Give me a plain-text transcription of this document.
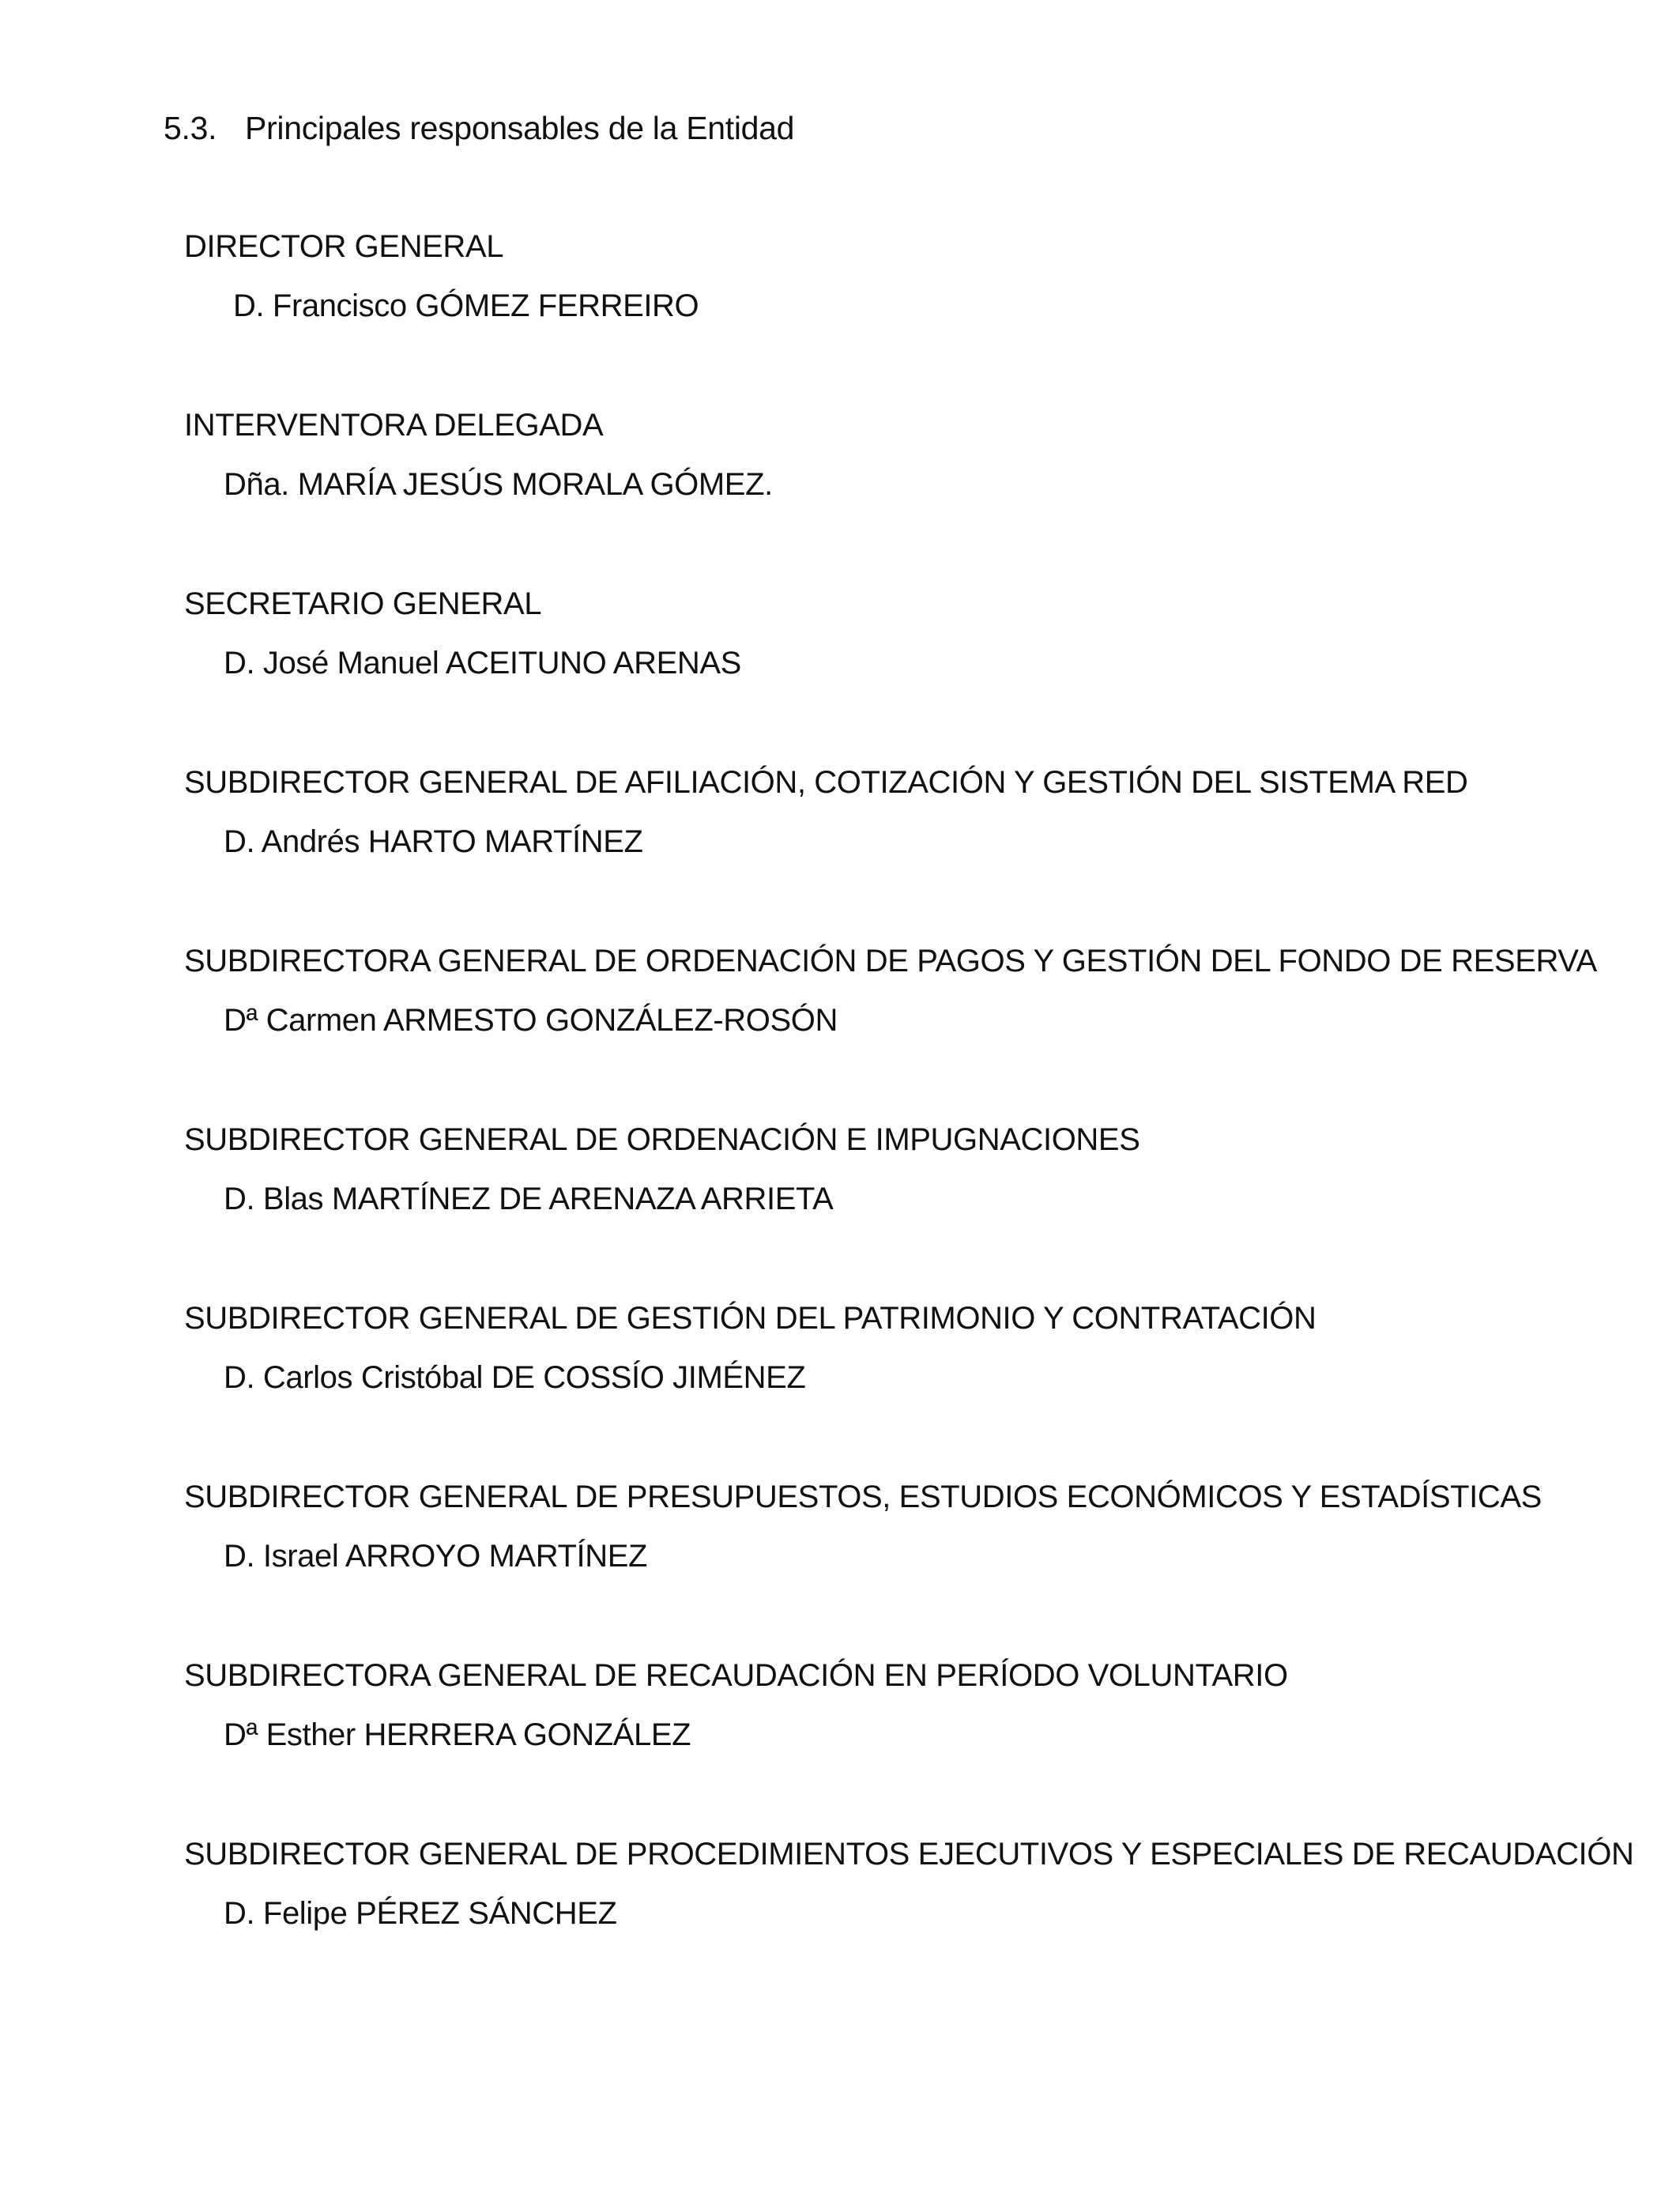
5.3. Principales responsables de la Entidad
DIRECTOR GENERAL
D. Francisco GÓMEZ FERREIRO
INTERVENTORA DELEGADA
Dña. MARÍA JESÚS MORALA GÓMEZ.
SECRETARIO GENERAL
D. José Manuel ACEITUNO ARENAS
SUBDIRECTOR GENERAL DE AFILIACIÓN, COTIZACIÓN Y GESTIÓN DEL SISTEMA RED
D. Andrés HARTO MARTÍNEZ
SUBDIRECTORA GENERAL DE ORDENACIÓN DE PAGOS Y GESTIÓN DEL FONDO DE RESERVA
Dª Carmen ARMESTO GONZÁLEZ-ROSÓN
SUBDIRECTOR GENERAL DE ORDENACIÓN E IMPUGNACIONES
D. Blas MARTÍNEZ DE ARENAZA ARRIETA
SUBDIRECTOR GENERAL DE GESTIÓN DEL PATRIMONIO Y CONTRATACIÓN
D. Carlos Cristóbal DE COSSÍO JIMÉNEZ
SUBDIRECTOR GENERAL DE PRESUPUESTOS, ESTUDIOS ECONÓMICOS Y ESTADÍSTICAS
D. Israel ARROYO MARTÍNEZ
SUBDIRECTORA GENERAL DE RECAUDACIÓN EN PERÍODO VOLUNTARIO
Dª Esther HERRERA GONZÁLEZ
SUBDIRECTOR GENERAL DE PROCEDIMIENTOS EJECUTIVOS Y ESPECIALES DE RECAUDACIÓN
D. Felipe PÉREZ SÁNCHEZ
